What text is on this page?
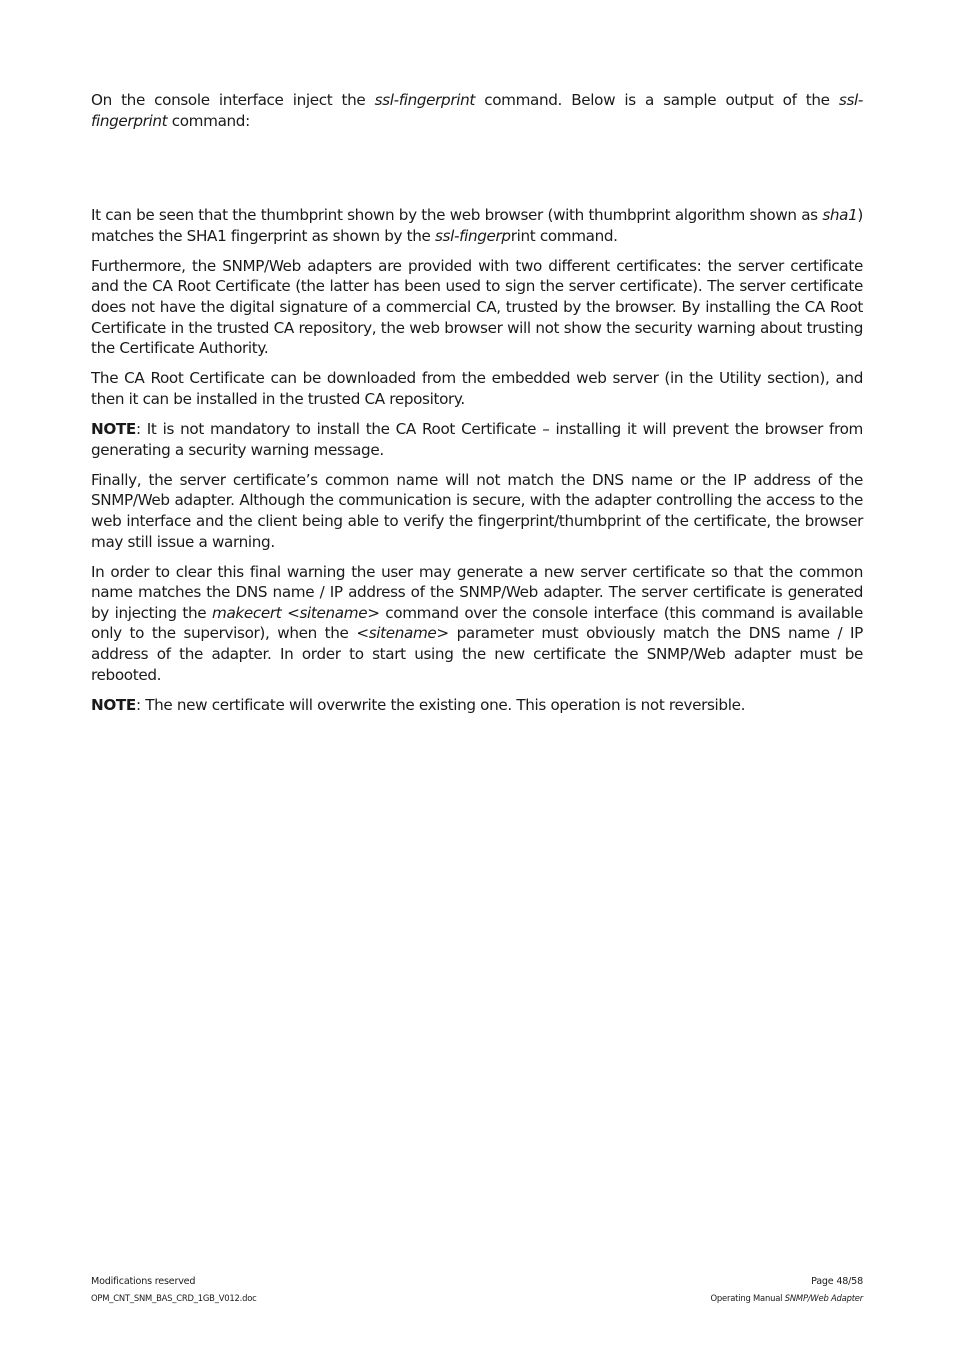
On the console interface inject the ssl-fingerprint command. Below is a sample output of the ssl-fingerprint command:

It can be seen that the thumbprint shown by the web browser (with thumbprint algorithm shown as sha1) matches the SHA1 fingerprint as shown by the ssl-fingerprint command.

Furthermore, the SNMP/Web adapters are provided with two different certificates: the server certificate and the CA Root Certificate (the latter has been used to sign the server certificate). The server certificate does not have the digital signature of a commercial CA, trusted by the browser. By installing the CA Root Certificate in the trusted CA repository, the web browser will not show the security warning about trusting the Certificate Authority.

The CA Root Certificate can be downloaded from the embedded web server (in the Utility section), and then it can be installed in the trusted CA repository.

NOTE: It is not mandatory to install the CA Root Certificate – installing it will prevent the browser from generating a security warning message.

Finally, the server certificate’s common name will not match the DNS name or the IP address of the SNMP/Web adapter. Although the communication is secure, with the adapter controlling the access to the web interface and the client being able to verify the fingerprint/thumbprint of the certificate, the browser may still issue a warning.

In order to clear this final warning the user may generate a new server certificate so that the common name matches the DNS name / IP address of the SNMP/Web adapter. The server certificate is generated by injecting the makecert <sitename> command over the console interface (this command is available only to the supervisor), when the <sitename> parameter must obviously match the DNS name / IP address of the adapter. In order to start using the new certificate the SNMP/Web adapter must be rebooted.

NOTE: The new certificate will overwrite the existing one. This operation is not reversible.

Modifications reserved
OPM_CNT_SNM_BAS_CRD_1GB_V012.doc
Page 48/58
Operating Manual SNMP/Web Adapter
